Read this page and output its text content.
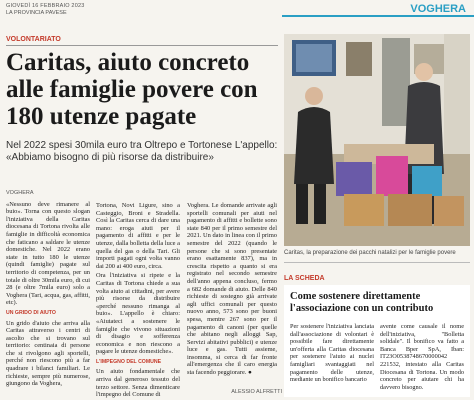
GIOVEDÌ 16 FEBBRAIO 2023
LA PROVINCIA PAVESE	VOGHERA
VOLONTARIATO
Caritas, aiuto concreto alle famiglie povere con 180 utenze pagate

Nel 2022 spesi 30mila euro tra Oltrepo e Tortonese L'appello: «Abbiamo bisogno di più risorse da distribuire»

VOGHERA
«Nessuno deve rimanere al buio». Torna con questo slogan l'iniziativa della Caritas diocesana di Tortona rivolta alle famiglie in difficoltà economica che faticano a saldare le utenze domestiche. Nel 2022 erano state in tutto 180 le utenze (quindi famiglie) pagate sul territorio di competenza, per un totale di oltre 30mila euro, di cui 28 (e oltre 7mila euro) solo a Voghera (Tari, acqua, gas, affitti, etc).
UN GRIDO DI AIUTO
Un grido d'aiuto che arriva alla Caritas attraverso i centri di ascolto che si trovano sul territorio: centinaia di persone che si rivolgono agli sportelli, perché non riescono più a far quadrare i bilanci familiari. Le richieste, sempre più numerose, giungono da Voghera,
Tortona, Novi Ligure, sino a Casteggio, Broni e Stradella. Così la Caritas cerca di dare una mano: eroga aiuti per il pagamento di affitti e per le utenze, dalla bolletta della luce a quella del gas o della Tari. Gli importi pagati ogni volta vanno dai 200 ai 400 euro, circa.
Ora l'iniziativa si ripete e la Caritas di Tortona chiede a sua volta aiuto ai cittadini, per avere più risorse da distribuire «perché nessuno rimanga al buio». L'appello è chiaro: «Aiutateci a sostenere le famiglie che vivono situazioni di disagio e sofferenza economica e non riescono a pagare le utenze domestiche».
L'IMPEGNO DEL COMUNE
Un aiuto fondamentale che arriva dal generoso tessuto del terzo settore. Senza dimenticare l'impegno del Comune di
Voghera. Le domande arrivate agli sportelli comunali per aiuti nel pagamento di affitti e bollette sono state 840 per il primo semestre del 2021. Un dato in linea con il primo semestre del 2022 (quando le persone che si sono presentate erano esattamente 837), ma in crescita rispetto a quanto si era registrato nel secondo semestre dell'anno appena concluso, fermo a 682 domande di aiuto. Delle 840 richieste di sostegno già arrivate agli uffici comunali per questo nuovo anno, 573 sono per buoni spesa, mentre 267 sono per il pagamento di canoni (per quelle che abitano negli alloggi Sap, Servizi abitativi pubblici) e utenze luce e gas. Tutti assieme, insomma, si cerca di far fronte all'emergenza che il caro energia sta facendo peggiorare. ●
ALESSIO ALFRETTI
Caritas, la preparazione dei pacchi natalizi per le famiglie povere
LA SCHEDA
Come sostenere direttamente l'associazione con un contributo
Per sostenere l'iniziativa lanciata dall'associazione di volontari è possibile fare direttamente un'offerta alla Caritas diocesana per sostenere l'aiuto ai nuclei famigliari svantaggiati nel pagamento delle utenze, mediante un bonifico bancario
avente come causale il nome dell'iniziativa, "Bolletta solidale". Il bonifico va fatto a Banca Bper SpA, Iban: IT23O0538748670000042 221532, intestato alla Caritas Diocesana di Tortona. Un modo concreto per aiutare chi ha davvero bisogno.
